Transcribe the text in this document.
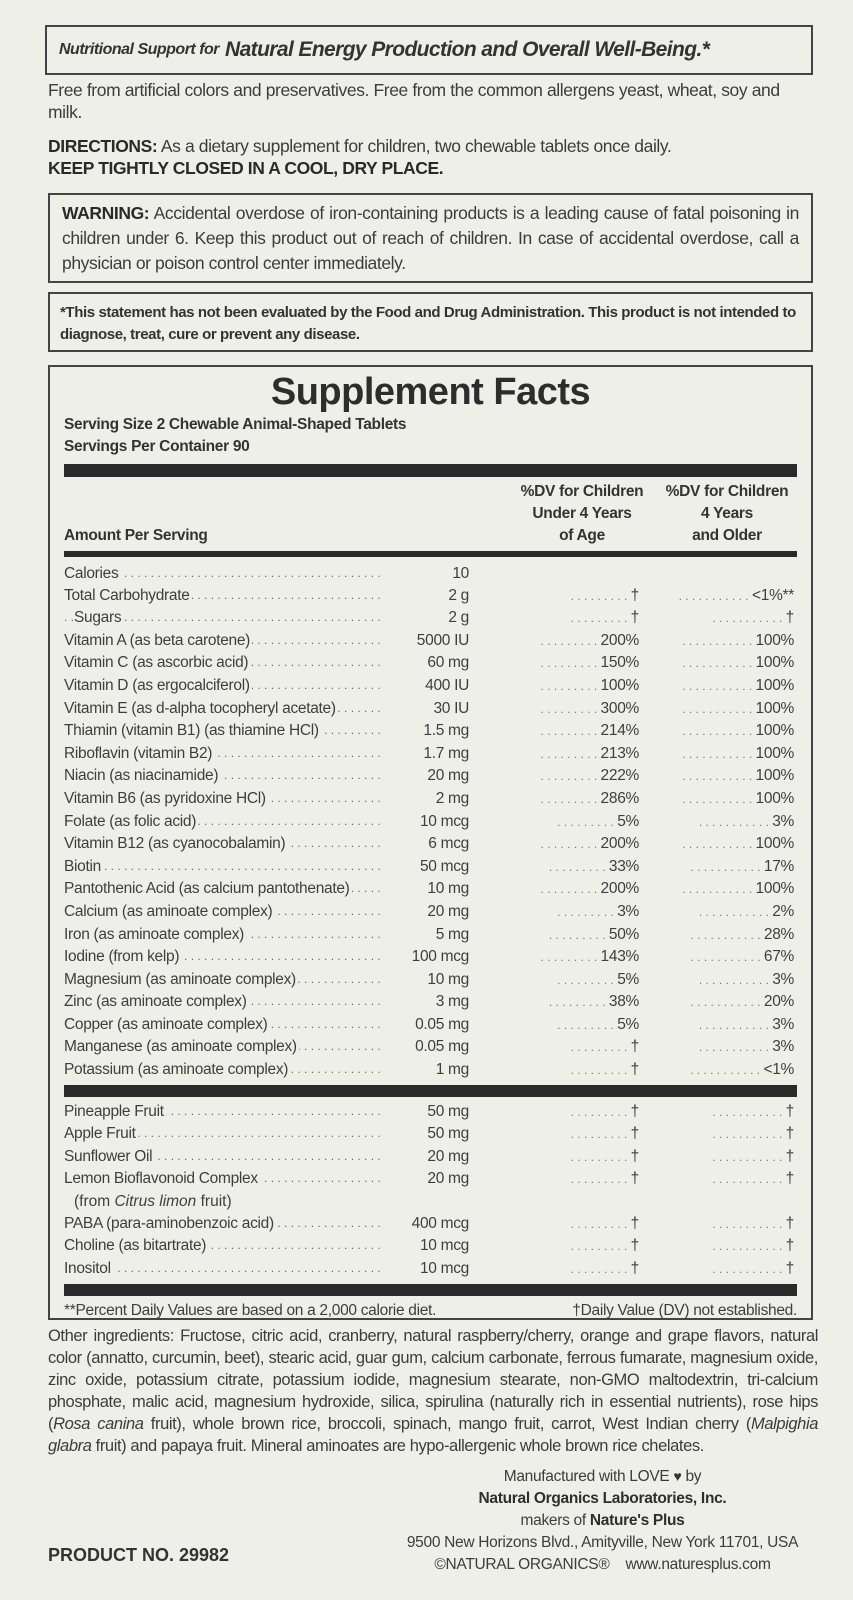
Nutritional Support for Natural Energy Production and Overall Well-Being.*
Free from artificial colors and preservatives. Free from the common allergens yeast, wheat, soy and milk.
DIRECTIONS: As a dietary supplement for children, two chewable tablets once daily.
KEEP TIGHTLY CLOSED IN A COOL, DRY PLACE.
WARNING: Accidental overdose of iron-containing products is a leading cause of fatal poisoning in children under 6. Keep this product out of reach of children. In case of accidental overdose, call a physician or poison control center immediately.
*This statement has not been evaluated by the Food and Drug Administration. This product is not intended to diagnose, treat, cure or prevent any disease.
Supplement Facts
Serving Size 2 Chewable Animal-Shaped Tablets
Servings Per Container 90
Amount Per Serving
%DV for Children
Under 4 Years
of Age
%DV for Children
4 Years
and Older
Calories . . .	10
Total Carbohydrate . . .	2 g	. . . . . . . . . †	. . . . . . . . . . . <1%**
Sugars . . .	2 g	. . . . . . . . . †	. . . . . . . . . . . †
Vitamin A (as beta carotene) . . .	5000 IU	. . . . . . . . . 200%	. . . . . . . . . . . 100%
Vitamin C (as ascorbic acid) . . .	60 mg	. . . . . . . . . 150%	. . . . . . . . . . . 100%
Vitamin D (as ergocalciferol) . . .	400 IU	. . . . . . . . . 100%	. . . . . . . . . . . 100%
Vitamin E (as d-alpha tocopheryl acetate) . . .	30 IU	. . . . . . . . . 300%	. . . . . . . . . . . 100%
Thiamin (vitamin B1) (as thiamine HCl) . . .	1.5 mg	. . . . . . . . . 214%	. . . . . . . . . . . 100%
Riboflavin (vitamin B2) . . .	1.7 mg	. . . . . . . . . 213%	. . . . . . . . . . . 100%
Niacin (as niacinamide) . . .	20 mg	. . . . . . . . . 222%	. . . . . . . . . . . 100%
Vitamin B6 (as pyridoxine HCl) . . .	2 mg	. . . . . . . . . 286%	. . . . . . . . . . . 100%
Folate (as folic acid) . . .	10 mcg	. . . . . . . . . 5%	. . . . . . . . . . . 3%
Vitamin B12 (as cyanocobalamin) . . .	6 mcg	. . . . . . . . . 200%	. . . . . . . . . . . 100%
Biotin . . .	50 mcg	. . . . . . . . . 33%	. . . . . . . . . . . 17%
Pantothenic Acid (as calcium pantothenate) . . .	10 mg	. . . . . . . . . 200%	. . . . . . . . . . . 100%
Calcium (as aminoate complex) . . .	20 mg	. . . . . . . . . 3%	. . . . . . . . . . . 2%
Iron (as aminoate complex) . . .	5 mg	. . . . . . . . . 50%	. . . . . . . . . . . 28%
Iodine (from kelp) . . .	100 mcg	. . . . . . . . . 143%	. . . . . . . . . . . 67%
Magnesium (as aminoate complex) . . .	10 mg	. . . . . . . . . 5%	. . . . . . . . . . . 3%
Zinc (as aminoate complex) . . .	3 mg	. . . . . . . . . 38%	. . . . . . . . . . . 20%
Copper (as aminoate complex) . . .	0.05 mg	. . . . . . . . . 5%	. . . . . . . . . . . 3%
Manganese (as aminoate complex) . . .	0.05 mg	. . . . . . . . . †	. . . . . . . . . . . 3%
Potassium (as aminoate complex) . . .	1 mg	. . . . . . . . . †	. . . . . . . . . . . <1%
Pineapple Fruit . . .	50 mg	. . . . . . . . . †	. . . . . . . . . . . †
Apple Fruit . . .	50 mg	. . . . . . . . . †	. . . . . . . . . . . †
Sunflower Oil . . .	20 mg	. . . . . . . . . †	. . . . . . . . . . . †
Lemon Bioflavonoid Complex . . .	20 mg	. . . . . . . . . †	. . . . . . . . . . . †
(from Citrus limon fruit)
PABA (para-aminobenzoic acid) . . .	400 mcg	. . . . . . . . . †	. . . . . . . . . . . †
Choline (as bitartrate) . . .	10 mcg	. . . . . . . . . †	. . . . . . . . . . . †
Inositol . . .	10 mcg	. . . . . . . . . †	. . . . . . . . . . . †
**Percent Daily Values are based on a 2,000 calorie diet.	†Daily Value (DV) not established.
Other ingredients: Fructose, citric acid, cranberry, natural raspberry/cherry, orange and grape flavors, natural color (annatto, curcumin, beet), stearic acid, guar gum, calcium carbonate, ferrous fumarate, magnesium oxide, zinc oxide, potassium citrate, potassium iodide, magnesium stearate, non-GMO maltodextrin, tri-calcium phosphate, malic acid, magnesium hydroxide, silica, spirulina (naturally rich in essential nutrients), rose hips (Rosa canina fruit), whole brown rice, broccoli, spinach, mango fruit, carrot, West Indian cherry (Malpighia glabra fruit) and papaya fruit. Mineral aminoates are hypo-allergenic whole brown rice chelates.
Manufactured with LOVE ♥ by
Natural Organics Laboratories, Inc.
makers of Nature's Plus
9500 New Horizons Blvd., Amityville, New York 11701, USA
©NATURAL ORGANICS® www.naturesplus.com
PRODUCT NO. 29982
